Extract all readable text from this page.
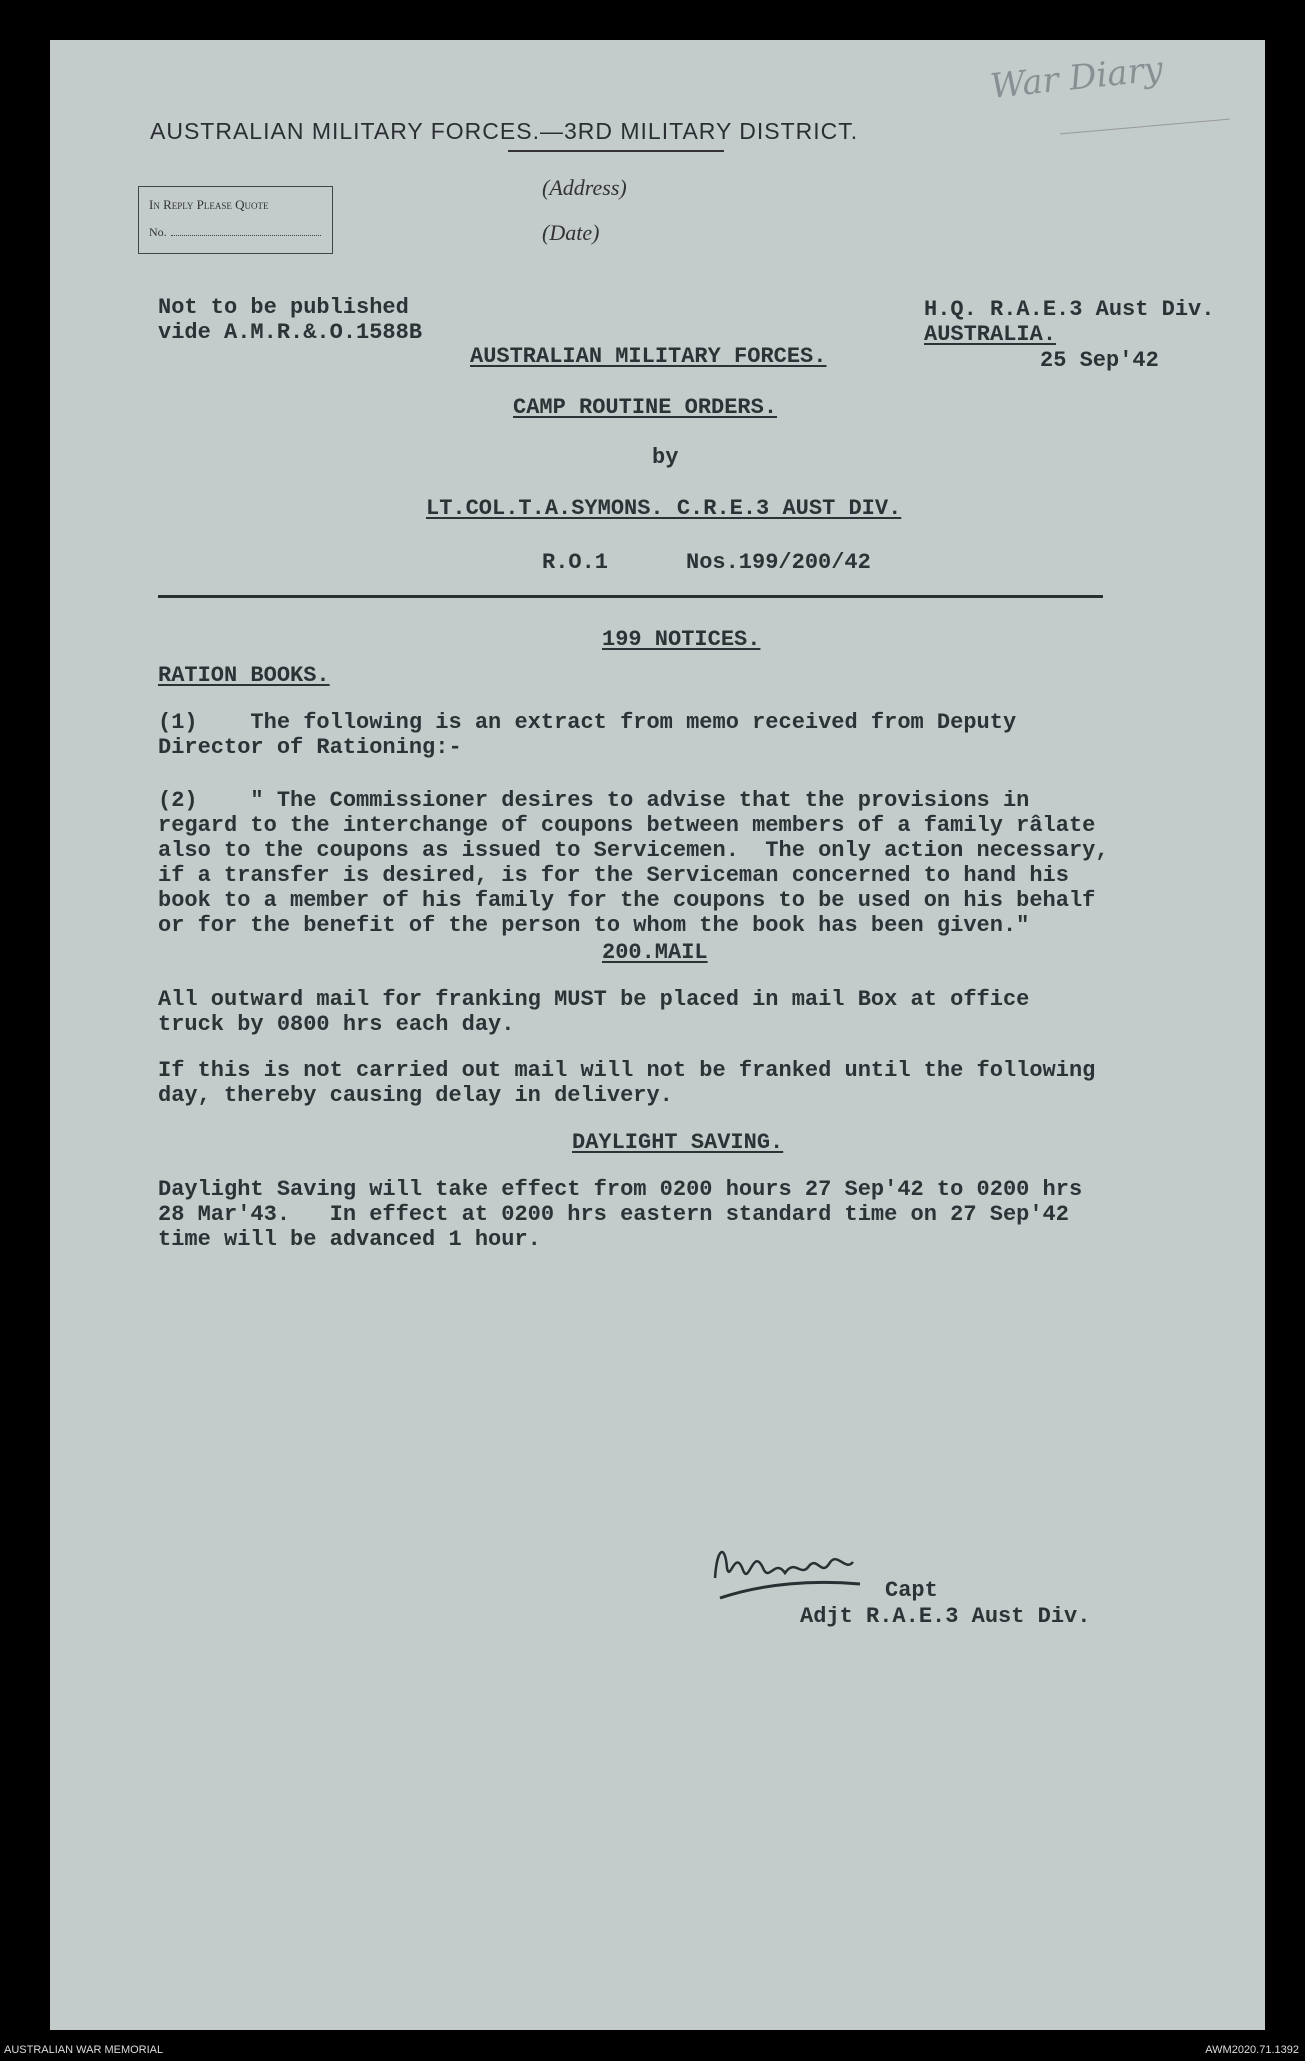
AUSTRALIAN MILITARY FORCES.—3RD MILITARY DISTRICT.
In Reply Please Quote
No.
(Address)
(Date)
War Diary
Not to be published
vide A.M.R.&.O.1588B
H.Q. R.A.E.3 Aust Div.
AUSTRALIA.
25 Sep'42
AUSTRALIAN MILITARY FORCES.
CAMP ROUTINE ORDERS.
by
LT.COL.T.A.SYMONS. C.R.E.3 AUST DIV.
R.O.1	Nos.199/200/42
199 NOTICES.
RATION BOOKS.
(1)    The following is an extract from memo received from Deputy
Director of Rationing:-
(2)    " The Commissioner desires to advise that the provisions in
regard to the interchange of coupons between members of a family râlate
also to the coupons as issued to Servicemen.  The only action necessary,
if a transfer is desired, is for the Serviceman concerned to hand his
book to a member of his family for the coupons to be used on his behalf
or for the benefit of the person to whom the book has been given."
200.MAIL
All outward mail for franking MUST be placed in mail Box at office
truck by 0800 hrs each day.
If this is not carried out mail will not be franked until the following
day, thereby causing delay in delivery.
DAYLIGHT SAVING.
Daylight Saving will take effect from 0200 hours 27 Sep'42 to 0200 hrs
28 Mar'43.   In effect at 0200 hrs eastern standard time on 27 Sep'42
time will be advanced 1 hour.
Capt
Adjt R.A.E.3 Aust Div.
AUSTRALIAN WAR MEMORIAL	AWM2020.71.1392
